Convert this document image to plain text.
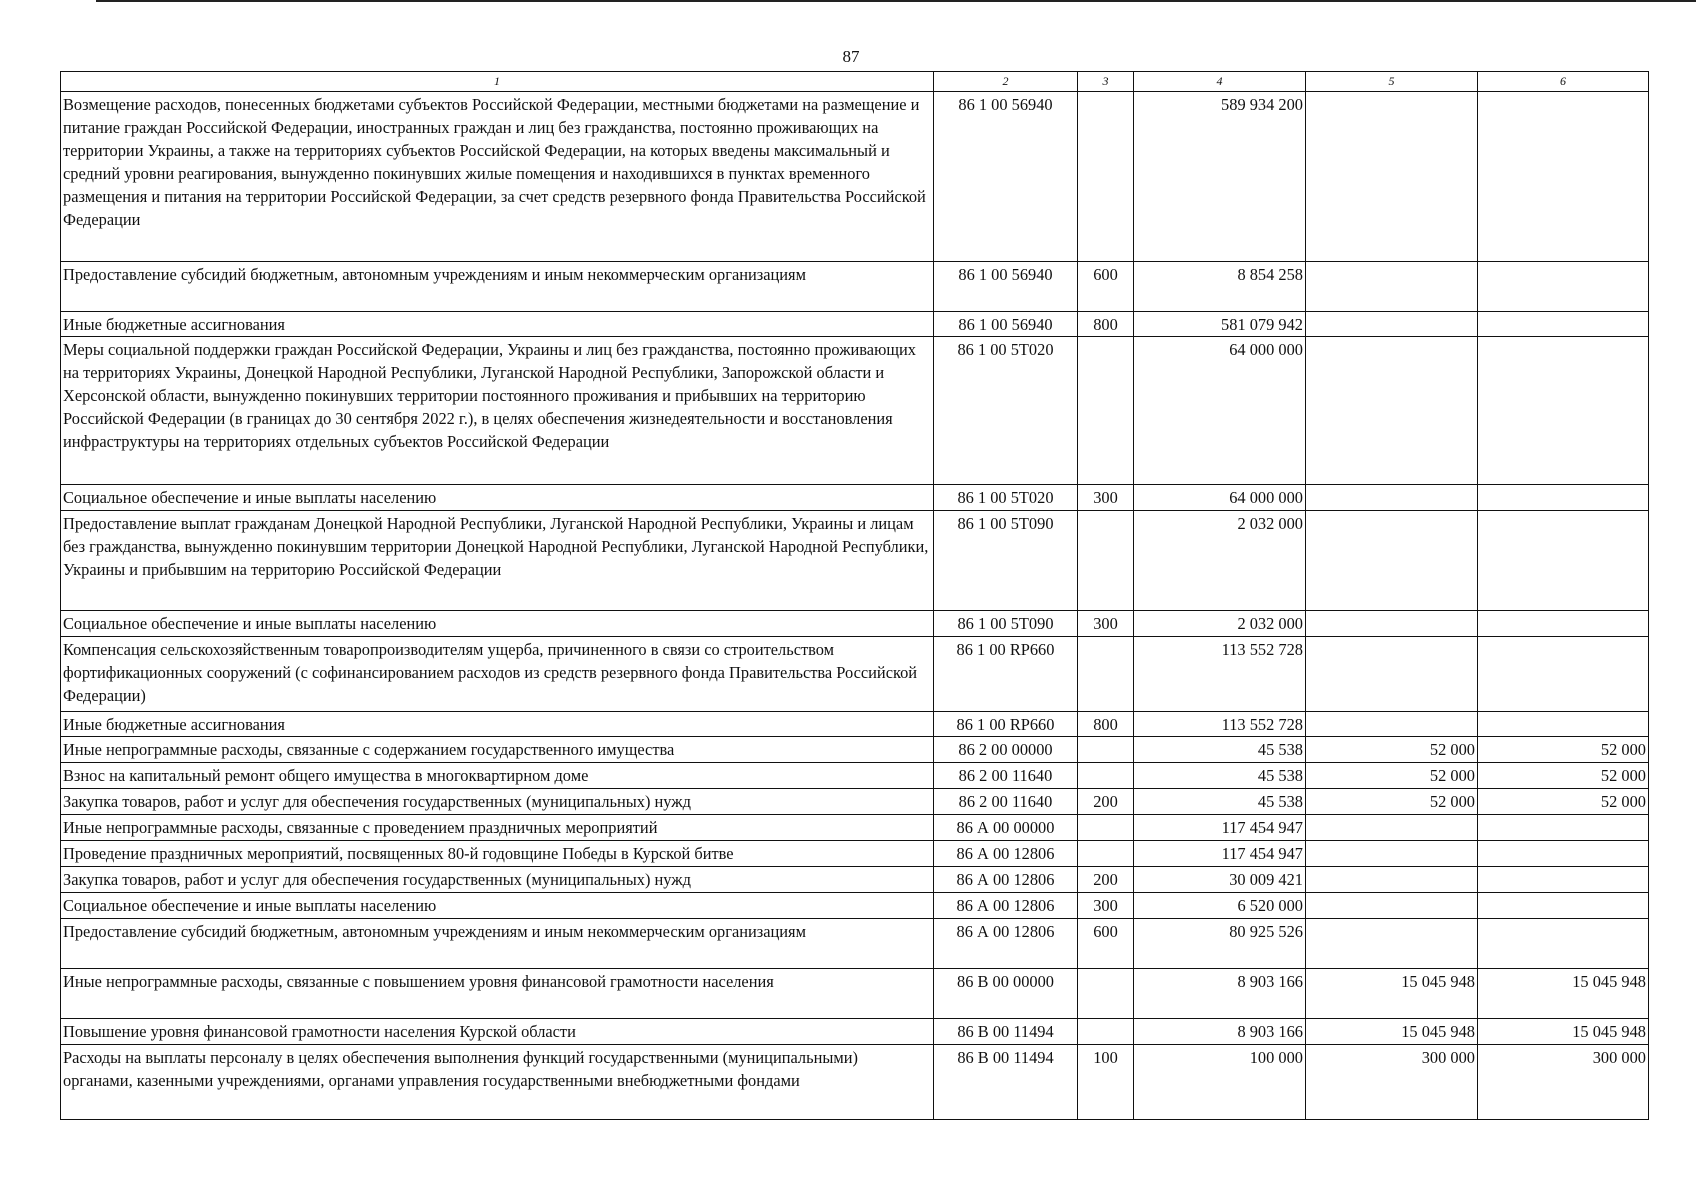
87
1	2	3	4	5	6
Возмещение расходов, понесенных бюджетами субъектов Российской Федерации, местными бюджетами на размещение и питание граждан Российской Федерации, иностранных граждан и лиц без гражданства, постоянно проживающих на территории Украины, а также на территориях субъектов Российской Федерации, на которых введены максимальный и средний уровни реагирования, вынужденно покинувших жилые помещения и находившихся в пунктах временного размещения и питания на территории Российской Федерации, за счет средств резервного фонда Правительства Российской Федерации	86 1 00 56940		589 934 200		
Предоставление субсидий бюджетным, автономным учреждениям и иным некоммерческим организациям	86 1 00 56940	600	8 854 258		
Иные бюджетные ассигнования	86 1 00 56940	800	581 079 942		
Меры социальной поддержки граждан Российской Федерации, Украины и лиц без гражданства, постоянно проживающих на территориях Украины, Донецкой Народной Республики, Луганской Народной Республики, Запорожской области и Херсонской области, вынужденно покинувших территории постоянного проживания и прибывших на территорию Российской Федерации (в границах до 30 сентября 2022 г.), в целях обеспечения жизнедеятельности и восстановления инфраструктуры на территориях отдельных субъектов Российской Федерации	86 1 00 5Т020		64 000 000		
Социальное обеспечение и иные выплаты населению	86 1 00 5Т020	300	64 000 000		
Предоставление выплат гражданам Донецкой Народной Республики, Луганской Народной Республики, Украины и лицам без гражданства, вынужденно покинувшим территории Донецкой Народной Республики, Луганской Народной Республики, Украины и прибывшим на территорию Российской Федерации	86 1 00 5Т090		2 032 000		
Социальное обеспечение и иные выплаты населению	86 1 00 5Т090	300	2 032 000		
Компенсация сельскохозяйственным товаропроизводителям ущерба, причиненного в связи со строительством фортификационных сооружений (с софинансированием расходов из средств резервного фонда Правительства Российской Федерации)	86 1 00 RP660		113 552 728		
Иные бюджетные ассигнования	86 1 00 RP660	800	113 552 728		
Иные непрограммные расходы, связанные с содержанием государственного имущества	86 2 00 00000		45 538	52 000	52 000
Взнос на капитальный ремонт общего имущества в многоквартирном доме	86 2 00 11640		45 538	52 000	52 000
Закупка товаров, работ и услуг для обеспечения государственных (муниципальных) нужд	86 2 00 11640	200	45 538	52 000	52 000
Иные непрограммные расходы, связанные с проведением праздничных мероприятий	86 А 00 00000		117 454 947		
Проведение праздничных мероприятий, посвященных 80-й годовщине Победы в Курской битве	86 А 00 12806		117 454 947		
Закупка товаров, работ и услуг для обеспечения государственных (муниципальных) нужд	86 А 00 12806	200	30 009 421		
Социальное обеспечение и иные выплаты населению	86 А 00 12806	300	6 520 000		
Предоставление субсидий бюджетным, автономным учреждениям и иным некоммерческим организациям	86 А 00 12806	600	80 925 526		
Иные непрограммные расходы, связанные с повышением уровня финансовой грамотности населения	86 В 00 00000		8 903 166	15 045 948	15 045 948
Повышение уровня финансовой грамотности населения Курской области	86 В 00 11494		8 903 166	15 045 948	15 045 948
Расходы на выплаты персоналу в целях обеспечения выполнения функций государственными (муниципальными) органами, казенными учреждениями, органами управления государственными внебюджетными фондами	86 В 00 11494	100	100 000	300 000	300 000
